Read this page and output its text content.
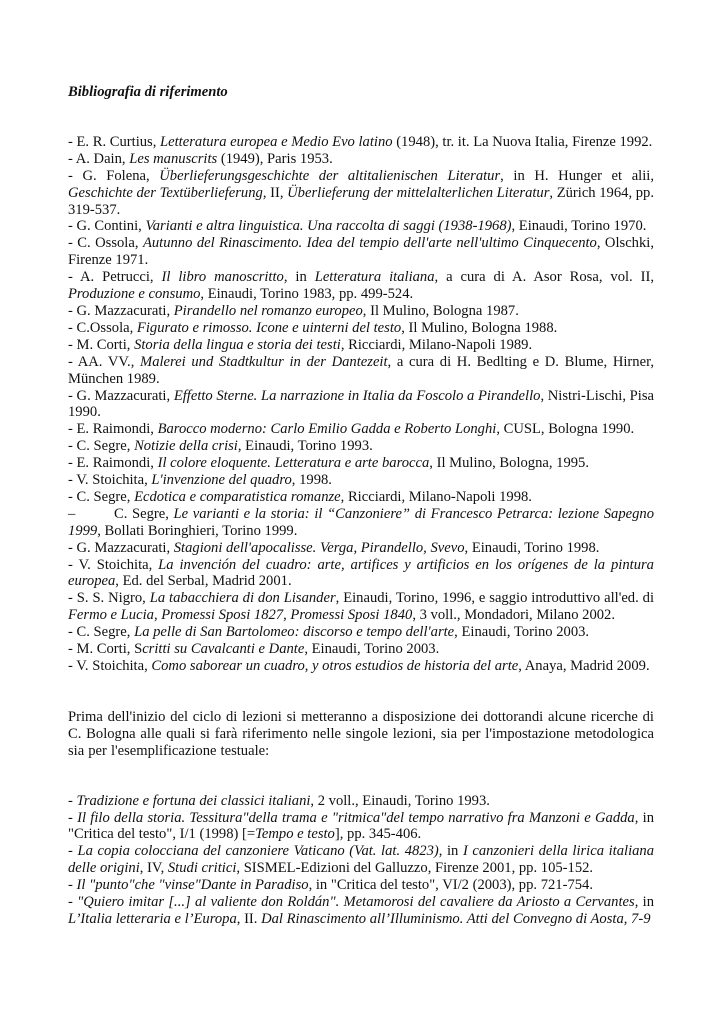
Bibliografia di riferimento
- E. R. Curtius, Letteratura europea e Medio Evo latino (1948), tr. it. La Nuova Italia, Firenze 1992.
- A. Dain, Les manuscrits (1949), Paris 1953.
- G. Folena, Überlieferungsgeschichte der altitalienischen Literatur, in H. Hunger et alii, Geschichte der Textüberlieferung, II, Überlieferung der mittelalterlichen Literatur, Zürich 1964, pp. 319-537.
- G. Contini, Varianti e altra linguistica. Una raccolta di saggi (1938-1968), Einaudi, Torino 1970.
- C. Ossola, Autunno del Rinascimento. Idea del tempio dell'arte nell'ultimo Cinquecento, Olschki, Firenze 1971.
- A. Petrucci, Il libro manoscritto, in Letteratura italiana, a cura di A. Asor Rosa, vol. II, Produzione e consumo, Einaudi, Torino 1983, pp. 499-524.
- G. Mazzacurati, Pirandello nel romanzo europeo, Il Mulino, Bologna 1987.
- C.Ossola, Figurato e rimosso. Icone e uinterni del testo, Il Mulino, Bologna 1988.
- M. Corti, Storia della lingua e storia dei testi, Ricciardi, Milano-Napoli 1989.
- AA. VV., Malerei und Stadtkultur in der Dantezeit, a cura di H. Bedlting e D. Blume, Hirner, München 1989.
- G. Mazzacurati, Effetto Sterne. La narrazione in Italia da Foscolo a Pirandello, Nistri-Lischi, Pisa 1990.
- E. Raimondi, Barocco moderno: Carlo Emilio Gadda e Roberto Longhi, CUSL, Bologna 1990.
- C. Segre, Notizie della crisi, Einaudi, Torino 1993.
- E. Raimondi, Il colore eloquente. Letteratura e arte barocca, Il Mulino, Bologna, 1995.
- V. Stoichita, L'invenzione del quadro, 1998.
- C. Segre, Ecdotica e comparatistica romanze, Ricciardi, Milano-Napoli 1998.
–	C. Segre, Le varianti e la storia: il “Canzoniere” di Francesco Petrarca: lezione Sapegno 1999, Bollati Boringhieri, Torino 1999.
- G. Mazzacurati, Stagioni dell'apocalisse. Verga, Pirandello, Svevo, Einaudi, Torino 1998.
- V. Stoichita, La invención del cuadro: arte, artifices y artificios en los orígenes de la pintura europea, Ed. del Serbal, Madrid 2001.
- S. S. Nigro, La tabacchiera di don Lisander, Einaudi, Torino, 1996, e saggio introduttivo all'ed. di Fermo e Lucia, Promessi Sposi 1827, Promessi Sposi 1840, 3 voll., Mondadori, Milano 2002.
- C. Segre, La pelle di San Bartolomeo: discorso e tempo dell'arte, Einaudi, Torino 2003.
- M. Corti, Scritti su Cavalcanti e Dante, Einaudi, Torino 2003.
- V. Stoichita, Como saborear un cuadro, y otros estudios de historia del arte, Anaya, Madrid 2009.

Prima dell'inizio del ciclo di lezioni si metteranno a disposizione dei dottorandi alcune ricerche di C. Bologna alle quali si farà riferimento nelle singole lezioni, sia per l'impostazione metodologica sia per l'esemplificazione testuale:

- Tradizione e fortuna dei classici italiani, 2 voll., Einaudi, Torino 1993.
- Il filo della storia. Tessitura"della trama e "ritmica"del tempo narrativo fra Manzoni e Gadda, in "Critica del testo", I/1 (1998) [=Tempo e testo], pp. 345-406.
- La copia colocciana del canzoniere Vaticano (Vat. lat. 4823), in I canzonieri della lirica italiana delle origini, IV, Studi critici, SISMEL-Edizioni del Galluzzo, Firenze 2001, pp. 105-152.
- Il "punto"che "vinse"Dante in Paradiso, in "Critica del testo", VI/2 (2003), pp. 721-754.
- "Quiero imitar [...] al valiente don Roldán". Metamorosi del cavaliere da Ariosto a Cervantes, in L’Italia letteraria e l’Europa, II. Dal Rinascimento all’Illuminismo. Atti del Convegno di Aosta, 7-9
